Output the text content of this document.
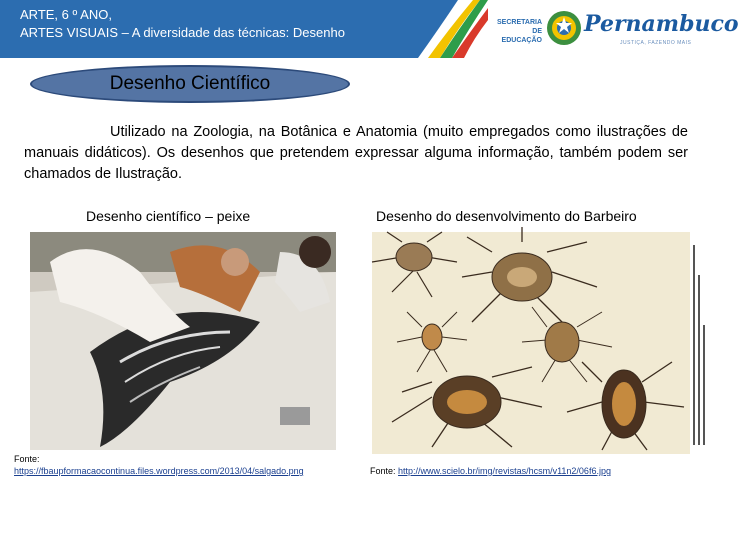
ARTE, 6 º ANO,
ARTES VISUAIS – A diversidade das técnicas: Desenho
SECRETARIA
DE EDUCAÇÃO
Pernambuco
JUSTIÇA, FAZENDO MAIS
Desenho Científico
Utilizado na Zoologia, na Botânica e Anatomia (muito empregados como ilustrações de manuais didáticos). Os desenhos que pretendem expressar alguma informação, também podem ser chamados de Ilustração.
Desenho científico – peixe	Desenho do desenvolvimento do Barbeiro
Fonte:
https://fbaupformacaocontinua.files.wordpress.com/2013/04/salgado.png	Fonte: http://www.scielo.br/img/revistas/hcsm/v11n2/06f6.jpg
